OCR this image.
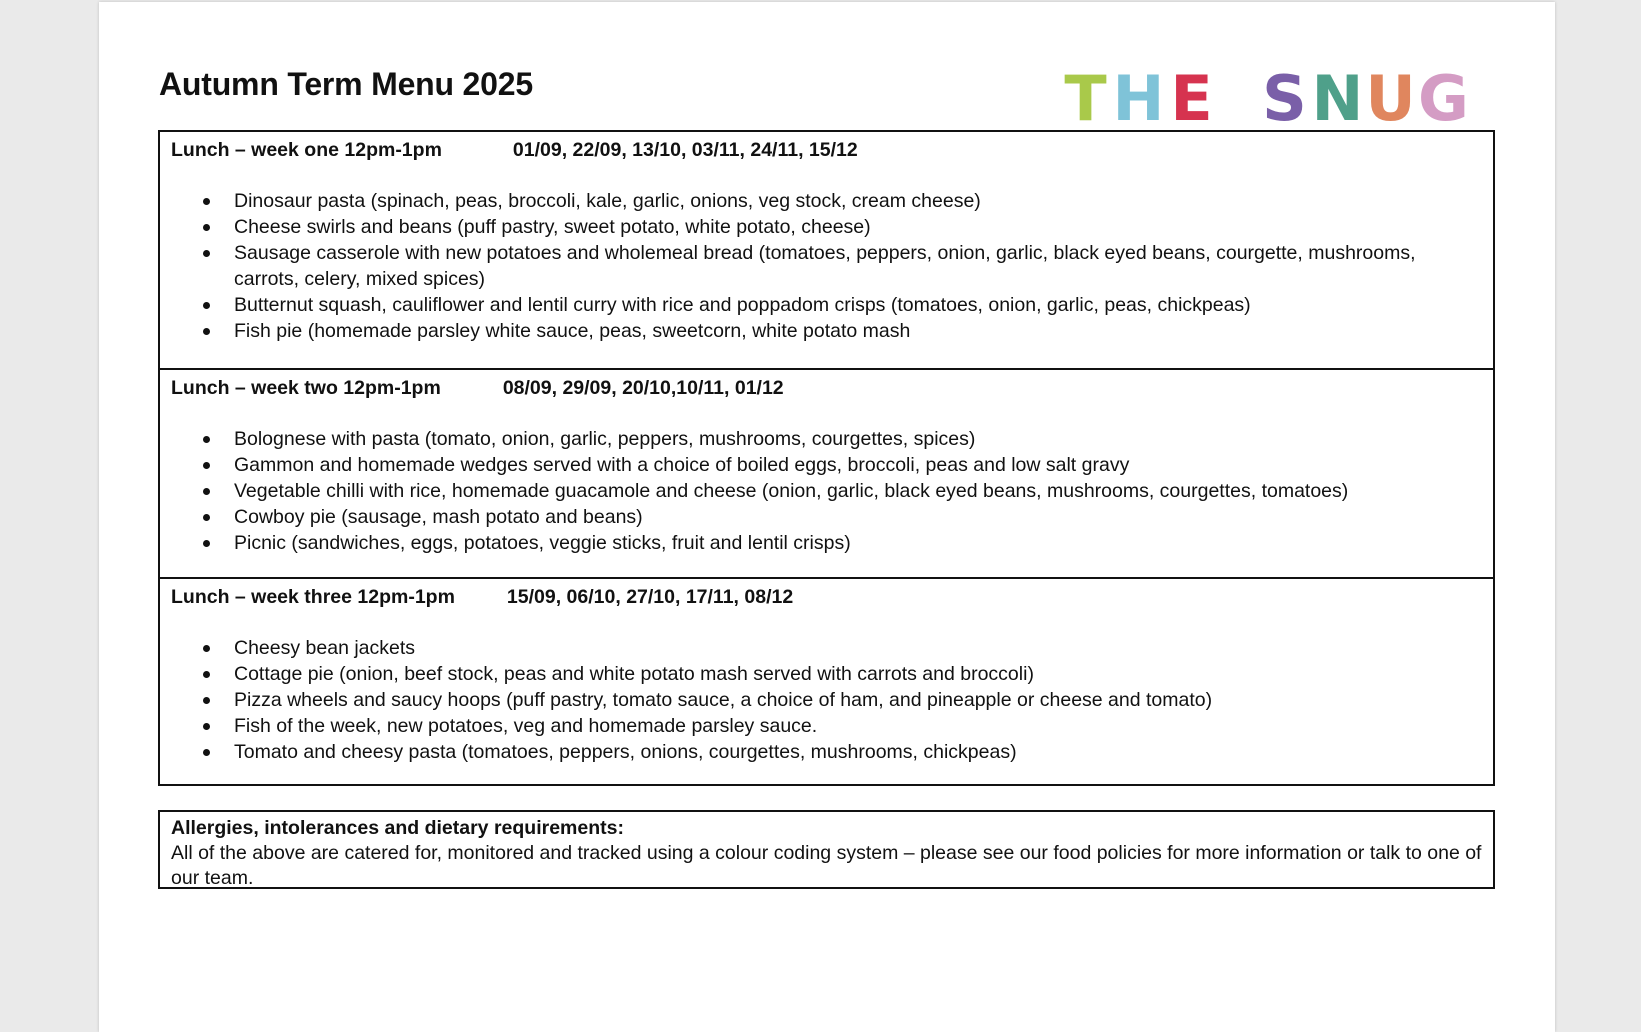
Autumn Term Menu 2025	T H E S N U G
Lunch – week one 12pm-1pm	01/09, 22/09, 13/10, 03/11, 24/11, 15/12
Dinosaur pasta (spinach, peas, broccoli, kale, garlic, onions, veg stock, cream cheese)
Cheese swirls and beans (puff pastry, sweet potato, white potato, cheese)
Sausage casserole with new potatoes and wholemeal bread (tomatoes, peppers, onion, garlic, black eyed beans, courgette, mushrooms, carrots, celery, mixed spices)
Butternut squash, cauliflower and lentil curry with rice and poppadom crisps (tomatoes, onion, garlic, peas, chickpeas)
Fish pie (homemade parsley white sauce, peas, sweetcorn, white potato mash
Lunch – week two 12pm-1pm	08/09, 29/09, 20/10,10/11, 01/12
Bolognese with pasta (tomato, onion, garlic, peppers, mushrooms, courgettes, spices)
Gammon and homemade wedges served with a choice of boiled eggs, broccoli, peas and low salt gravy
Vegetable chilli with rice, homemade guacamole and cheese (onion, garlic, black eyed beans, mushrooms, courgettes, tomatoes)
Cowboy pie (sausage, mash potato and beans)
Picnic (sandwiches, eggs, potatoes, veggie sticks, fruit and lentil crisps)
Lunch – week three 12pm-1pm	15/09, 06/10, 27/10, 17/11, 08/12
Cheesy bean jackets
Cottage pie (onion, beef stock, peas and white potato mash served with carrots and broccoli)
Pizza wheels and saucy hoops (puff pastry, tomato sauce, a choice of ham, and pineapple or cheese and tomato)
Fish of the week, new potatoes, veg and homemade parsley sauce.
Tomato and cheesy pasta (tomatoes, peppers, onions, courgettes, mushrooms, chickpeas)
Allergies, intolerances and dietary requirements:
All of the above are catered for, monitored and tracked using a colour coding system – please see our food policies for more information or talk to one of our team.
